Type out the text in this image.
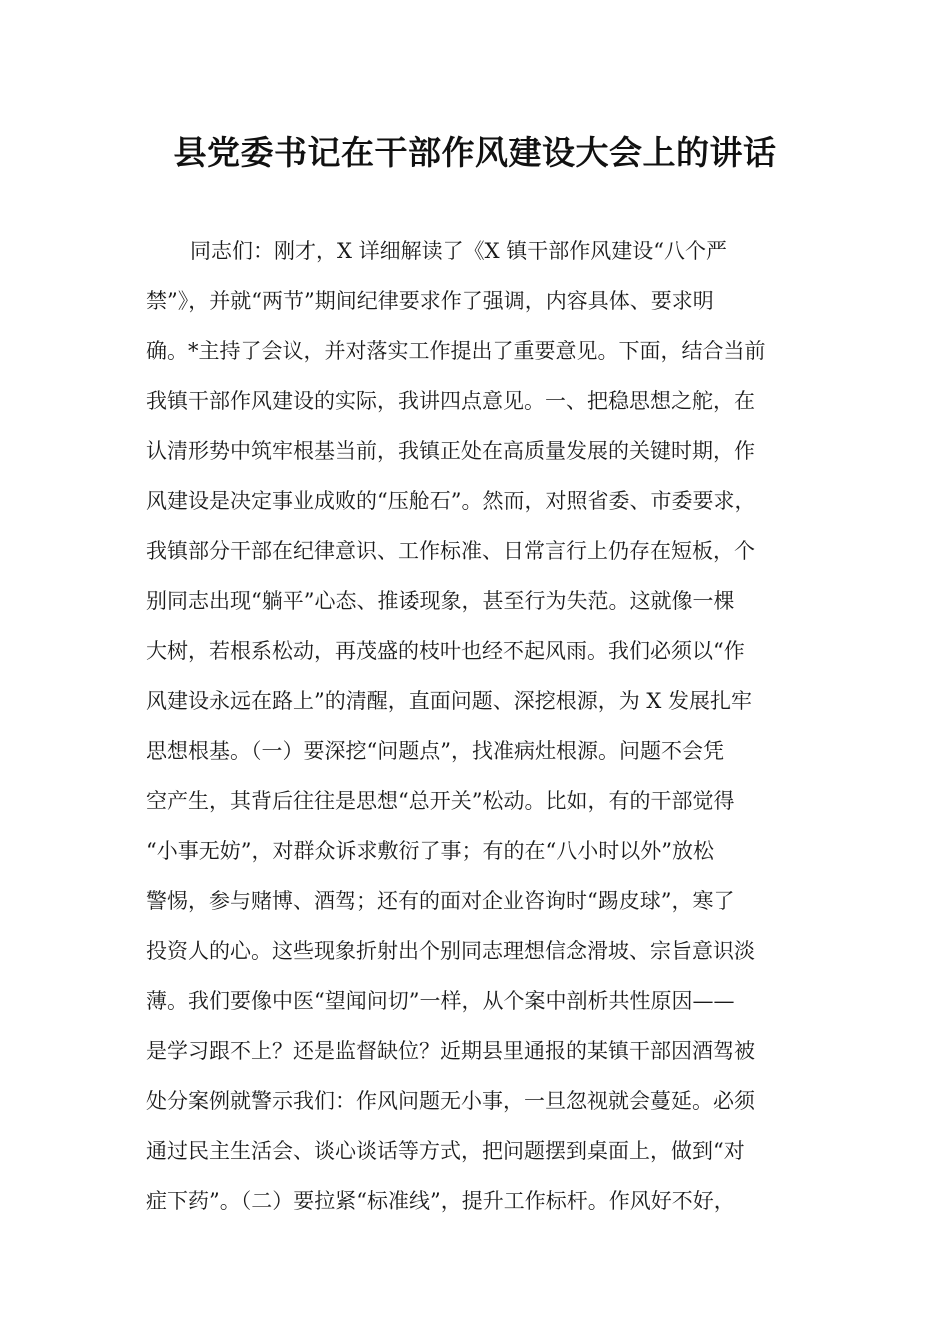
县党委书记在干部作风建设大会上的讲话
同志们：刚才，X 详细解读了《X 镇干部作风建设“八个严
禁”》，并就“两节”期间纪律要求作了强调，内容具体、要求明
确。*主持了会议，并对落实工作提出了重要意见。下面，结合当前
我镇干部作风建设的实际，我讲四点意见。一、把稳思想之舵，在
认清形势中筑牢根基当前，我镇正处在高质量发展的关键时期，作
风建设是决定事业成败的“压舱石”。然而，对照省委、市委要求，
我镇部分干部在纪律意识、工作标准、日常言行上仍存在短板，个
别同志出现“躺平”心态、推诿现象，甚至行为失范。这就像一棵
大树，若根系松动，再茂盛的枝叶也经不起风雨。我们必须以“作
风建设永远在路上”的清醒，直面问题、深挖根源，为 X 发展扎牢
思想根基。（一）要深挖“问题点”，找准病灶根源。问题不会凭
空产生，其背后往往是思想“总开关”松动。比如，有的干部觉得
“小事无妨”，对群众诉求敷衍了事；有的在“八小时以外”放松
警惕，参与赌博、酒驾；还有的面对企业咨询时“踢皮球”，寒了
投资人的心。这些现象折射出个别同志理想信念滑坡、宗旨意识淡
薄。我们要像中医“望闻问切”一样，从个案中剖析共性原因——
是学习跟不上？还是监督缺位？近期县里通报的某镇干部因酒驾被
处分案例就警示我们：作风问题无小事，一旦忽视就会蔓延。必须
通过民主生活会、谈心谈话等方式，把问题摆到桌面上，做到“对
症下药”。（二）要拉紧“标准线”，提升工作标杆。作风好不好，
